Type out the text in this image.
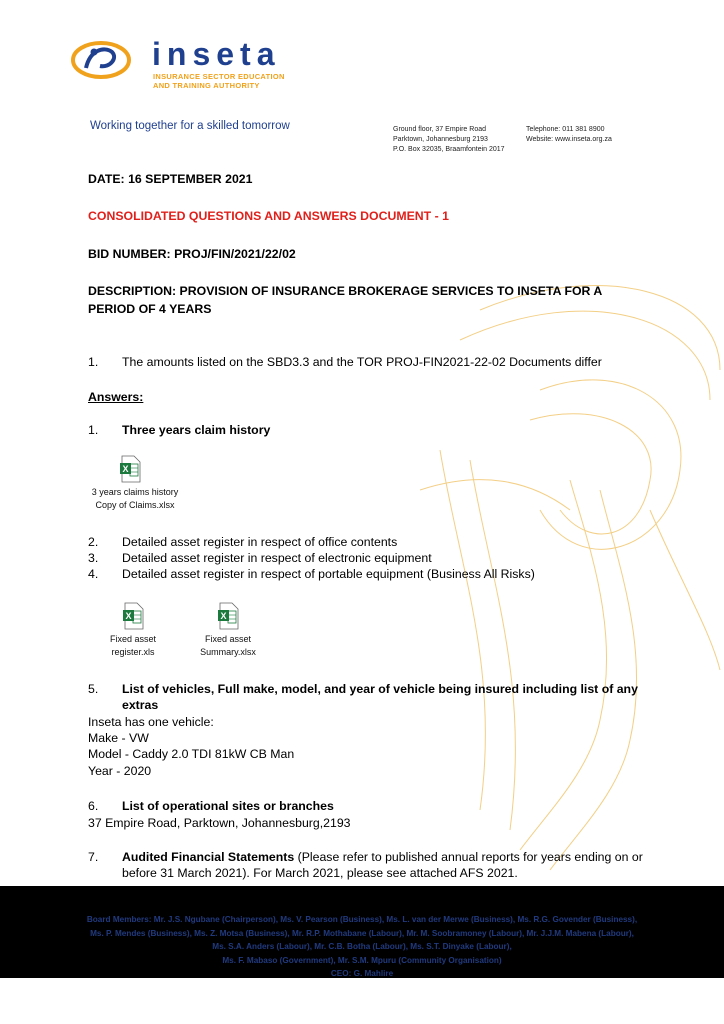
inseta
INSURANCE SECTOR EDUCATION
AND TRAINING AUTHORITY
Working together for a skilled tomorrow	Ground floor, 37 Empire Road
Parktown, Johannesburg 2193
P.O. Box 32035, Braamfontein 2017
Telephone: 011 381 8900
Website: www.inseta.org.za
DATE: 16 SEPTEMBER 2021
CONSOLIDATED QUESTIONS AND ANSWERS DOCUMENT - 1
BID NUMBER: PROJ/FIN/2021/22/02
DESCRIPTION: PROVISION OF INSURANCE BROKERAGE SERVICES TO INSETA FOR A
PERIOD OF 4 YEARS
1. The amounts listed on the SBD3.3 and the TOR PROJ-FIN2021-22-02 Documents differ
Answers:
1. Three years claim history
X
3 years claims history
Copy of Claims.xlsx
2. Detailed asset register in respect of office contents
3. Detailed asset register in respect of electronic equipment
4. Detailed asset register in respect of portable equipment (Business All Risks)
X
Fixed asset
register.xls
X
Fixed asset
Summary.xlsx
5. List of vehicles, Full make, model, and year of vehicle being insured including list of any
extras
Inseta has one vehicle:
Make - VW
Model - Caddy 2.0 TDI 81kW CB Man
Year - 2020
6. List of operational sites or branches
37 Empire Road, Parktown, Johannesburg,2193
7. Audited Financial Statements (Please refer to published annual reports for years ending on or
before 31 March 2021). For March 2021, please see attached AFS 2021.
Board Members: Mr. J.S. Ngubane (Chairperson), Ms. V. Pearson (Business), Ms. L. van der Merwe (Business), Ms. R.G. Govender (Business),
Ms. P. Mendes (Business), Ms. Z. Motsa (Business), Mr. R.P. Mothabane (Labour), Mr. M. Soobramoney (Labour), Mr. J.J.M. Mabena (Labour),
Ms. S.A. Anders (Labour), Mr. C.B. Botha (Labour), Ms. S.T. Dinyake (Labour),
Ms. F. Mabaso (Government), Mr. S.M. Mpuru (Community Organisation)
CEO: G. Mahlire
